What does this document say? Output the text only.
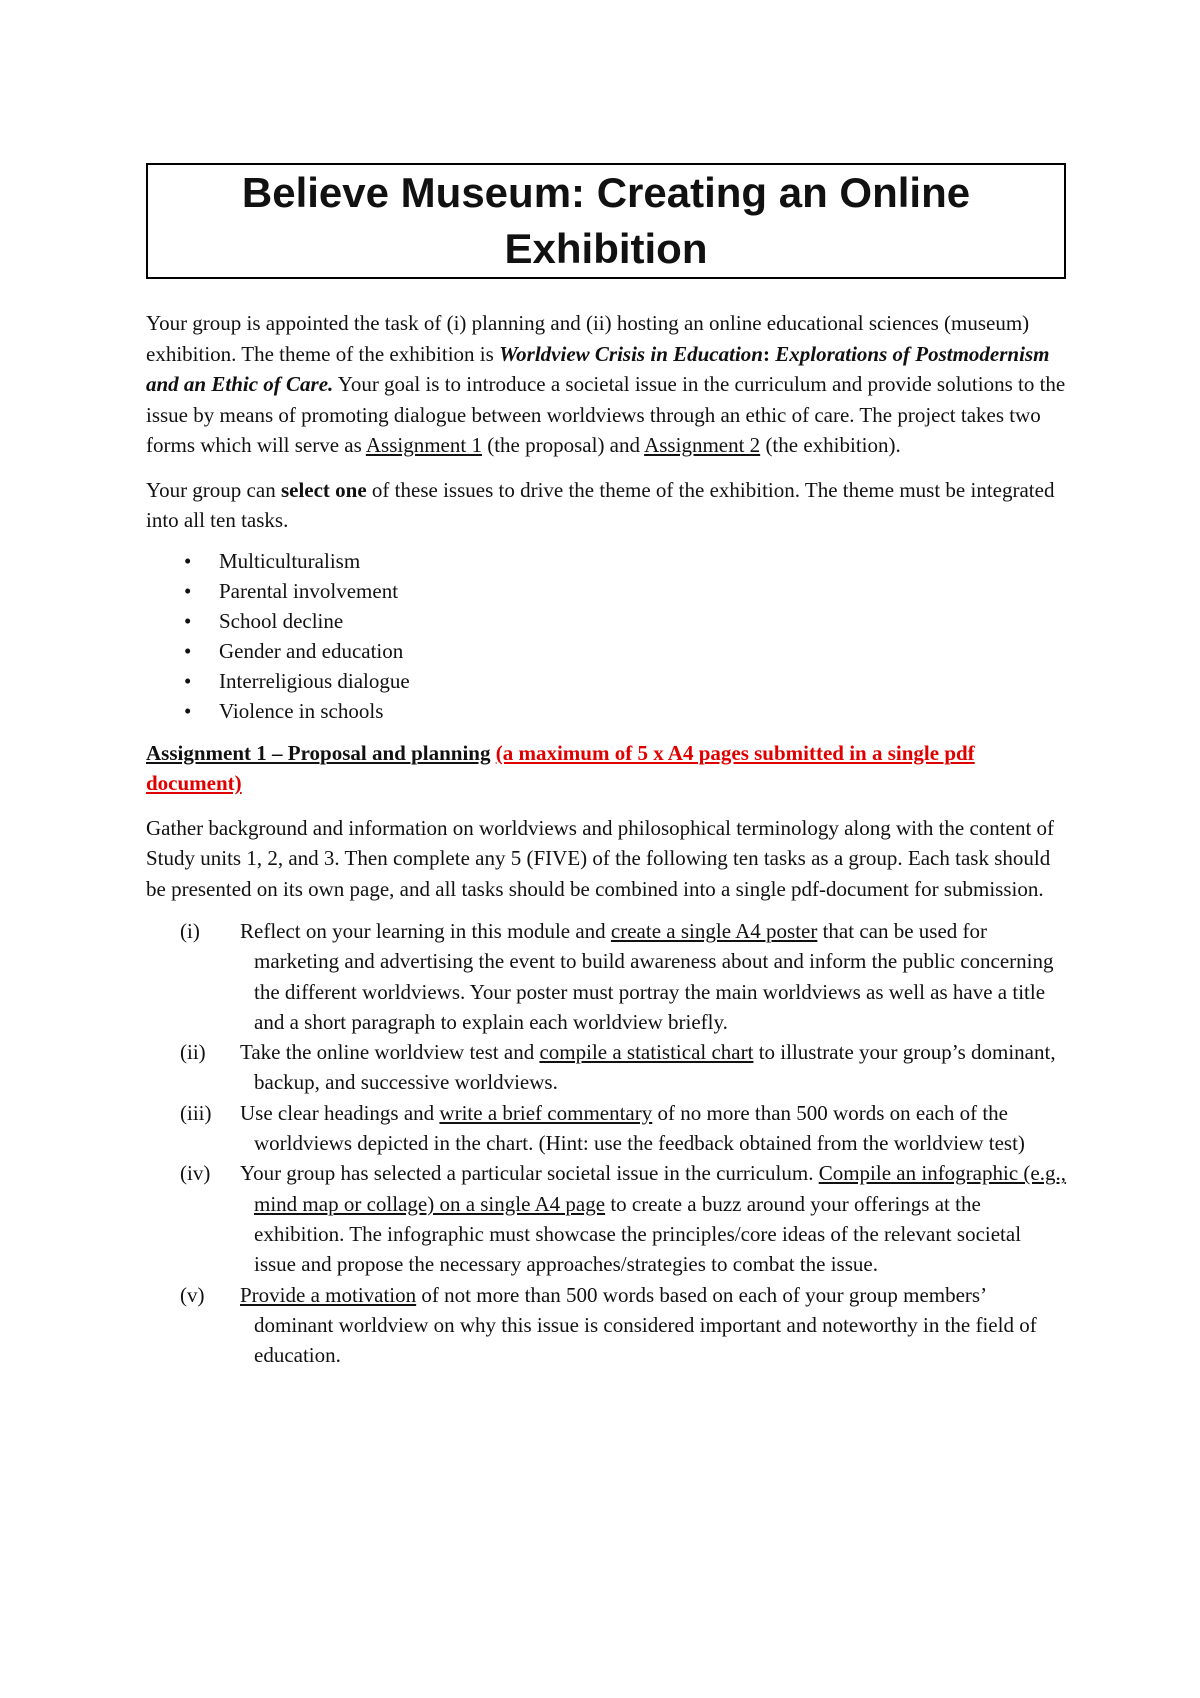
Believe Museum: Creating an Online
Exhibition

Your group is appointed the task of (i) planning and (ii) hosting an online educational sciences (museum) exhibition. The theme of the exhibition is Worldview Crisis in Education: Explorations of Postmodernism and an Ethic of Care. Your goal is to introduce a societal issue in the curriculum and provide solutions to the issue by means of promoting dialogue between worldviews through an ethic of care. The project takes two forms which will serve as Assignment 1 (the proposal) and Assignment 2 (the exhibition).

Your group can select one of these issues to drive the theme of the exhibition. The theme must be integrated into all ten tasks.

• Multiculturalism
• Parental involvement
• School decline
• Gender and education
• Interreligious dialogue
• Violence in schools

Assignment 1 – Proposal and planning (a maximum of 5 x A4 pages submitted in a single pdf document)

Gather background and information on worldviews and philosophical terminology along with the content of Study units 1, 2, and 3. Then complete any 5 (FIVE) of the following ten tasks as a group. Each task should be presented on its own page, and all tasks should be combined into a single pdf-document for submission.

(i) Reflect on your learning in this module and create a single A4 poster that can be used for marketing and advertising the event to build awareness about and inform the public concerning the different worldviews. Your poster must portray the main worldviews as well as have a title and a short paragraph to explain each worldview briefly.
(ii) Take the online worldview test and compile a statistical chart to illustrate your group’s dominant, backup, and successive worldviews.
(iii) Use clear headings and write a brief commentary of no more than 500 words on each of the worldviews depicted in the chart. (Hint: use the feedback obtained from the worldview test)
(iv) Your group has selected a particular societal issue in the curriculum. Compile an infographic (e.g., mind map or collage) on a single A4 page to create a buzz around your offerings at the exhibition. The infographic must showcase the principles/core ideas of the relevant societal issue and propose the necessary approaches/strategies to combat the issue.
(v) Provide a motivation of not more than 500 words based on each of your group members’ dominant worldview on why this issue is considered important and noteworthy in the field of education.
